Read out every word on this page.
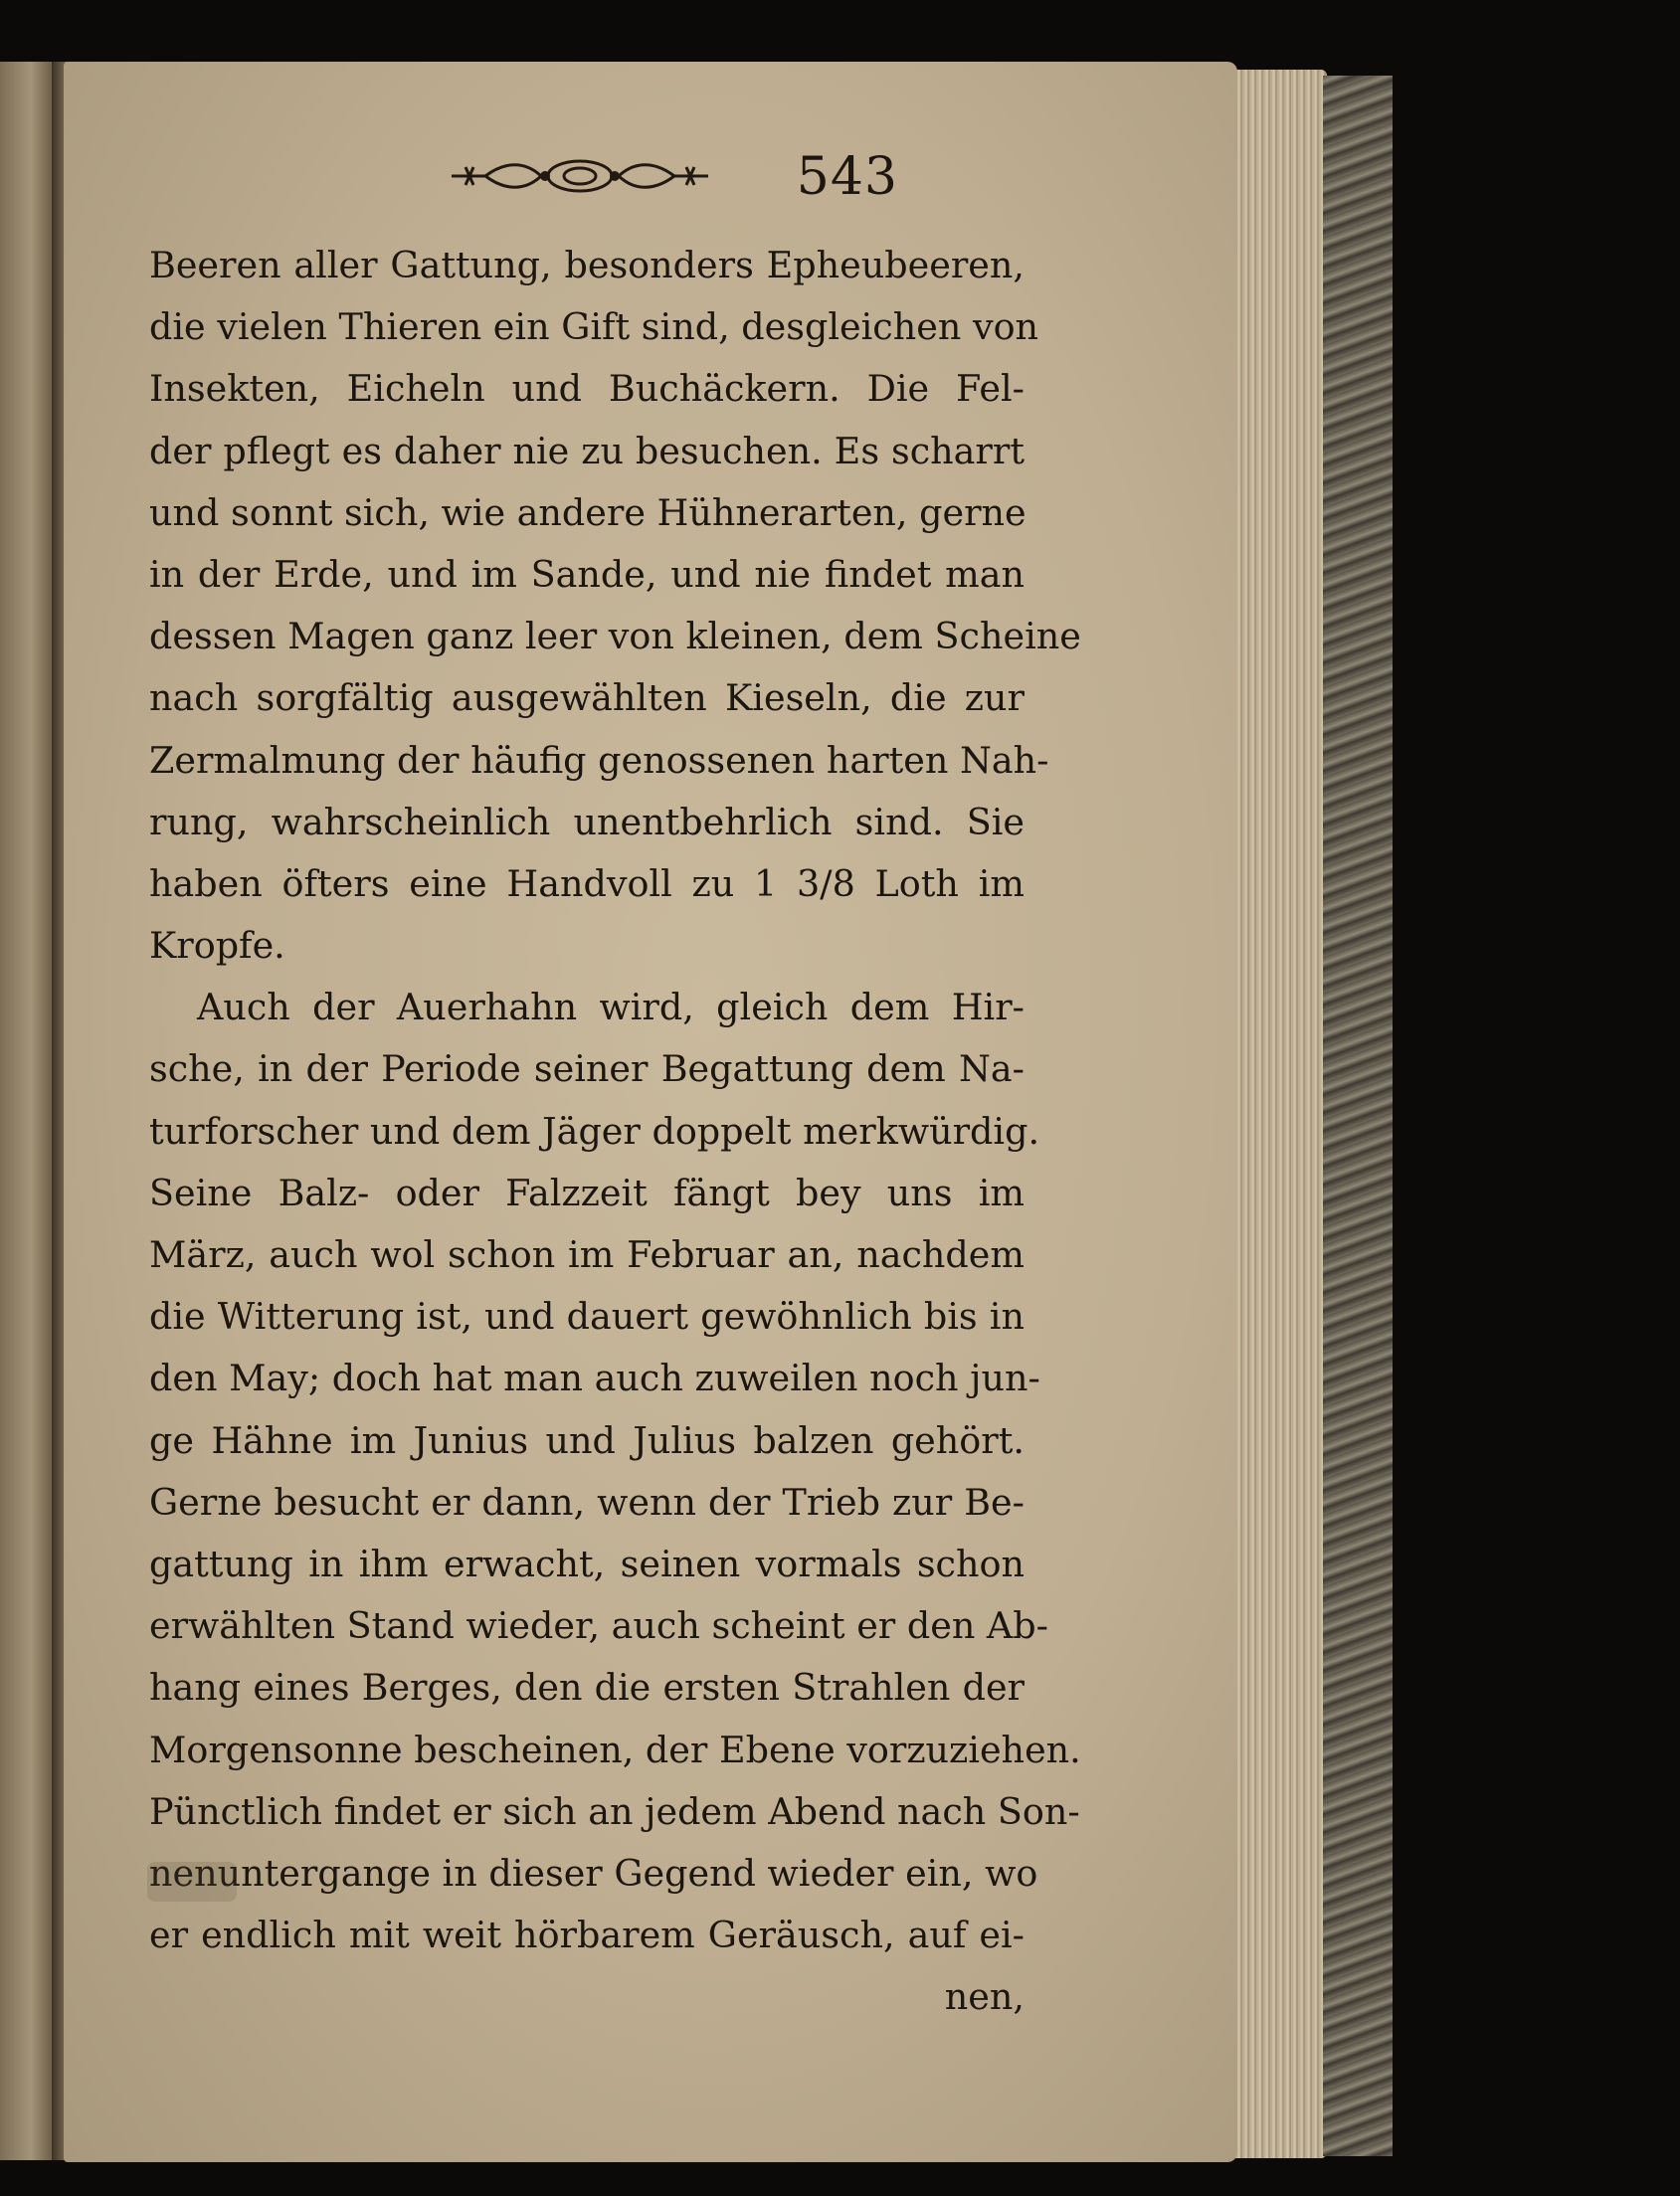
543
Beeren aller Gattung, besonders Epheubeeren,
die vielen Thieren ein Gift sind, desgleichen von
Insekten, Eicheln und Buchäckern. Die Fel-
der pflegt es daher nie zu besuchen. Es scharrt
und sonnt sich, wie andere Hühnerarten, gerne
in der Erde, und im Sande, und nie findet man
dessen Magen ganz leer von kleinen, dem Scheine
nach sorgfältig ausgewählten Kieseln, die zur
Zermalmung der häufig genossenen harten Nah-
rung, wahrscheinlich unentbehrlich sind. Sie
haben öfters eine Handvoll zu 1 3/8 Loth im
Kropfe.
Auch der Auerhahn wird, gleich dem Hir-
sche, in der Periode seiner Begattung dem Na-
turforscher und dem Jäger doppelt merkwürdig.
Seine Balz- oder Falzzeit fängt bey uns im
März, auch wol schon im Februar an, nachdem
die Witterung ist, und dauert gewöhnlich bis in
den May; doch hat man auch zuweilen noch jun-
ge Hähne im Junius und Julius balzen gehört.
Gerne besucht er dann, wenn der Trieb zur Be-
gattung in ihm erwacht, seinen vormals schon
erwählten Stand wieder, auch scheint er den Ab-
hang eines Berges, den die ersten Strahlen der
Morgensonne bescheinen, der Ebene vorzuziehen.
Pünctlich findet er sich an jedem Abend nach Son-
nenuntergange in dieser Gegend wieder ein, wo
er endlich mit weit hörbarem Geräusch, auf ei-
nen,
